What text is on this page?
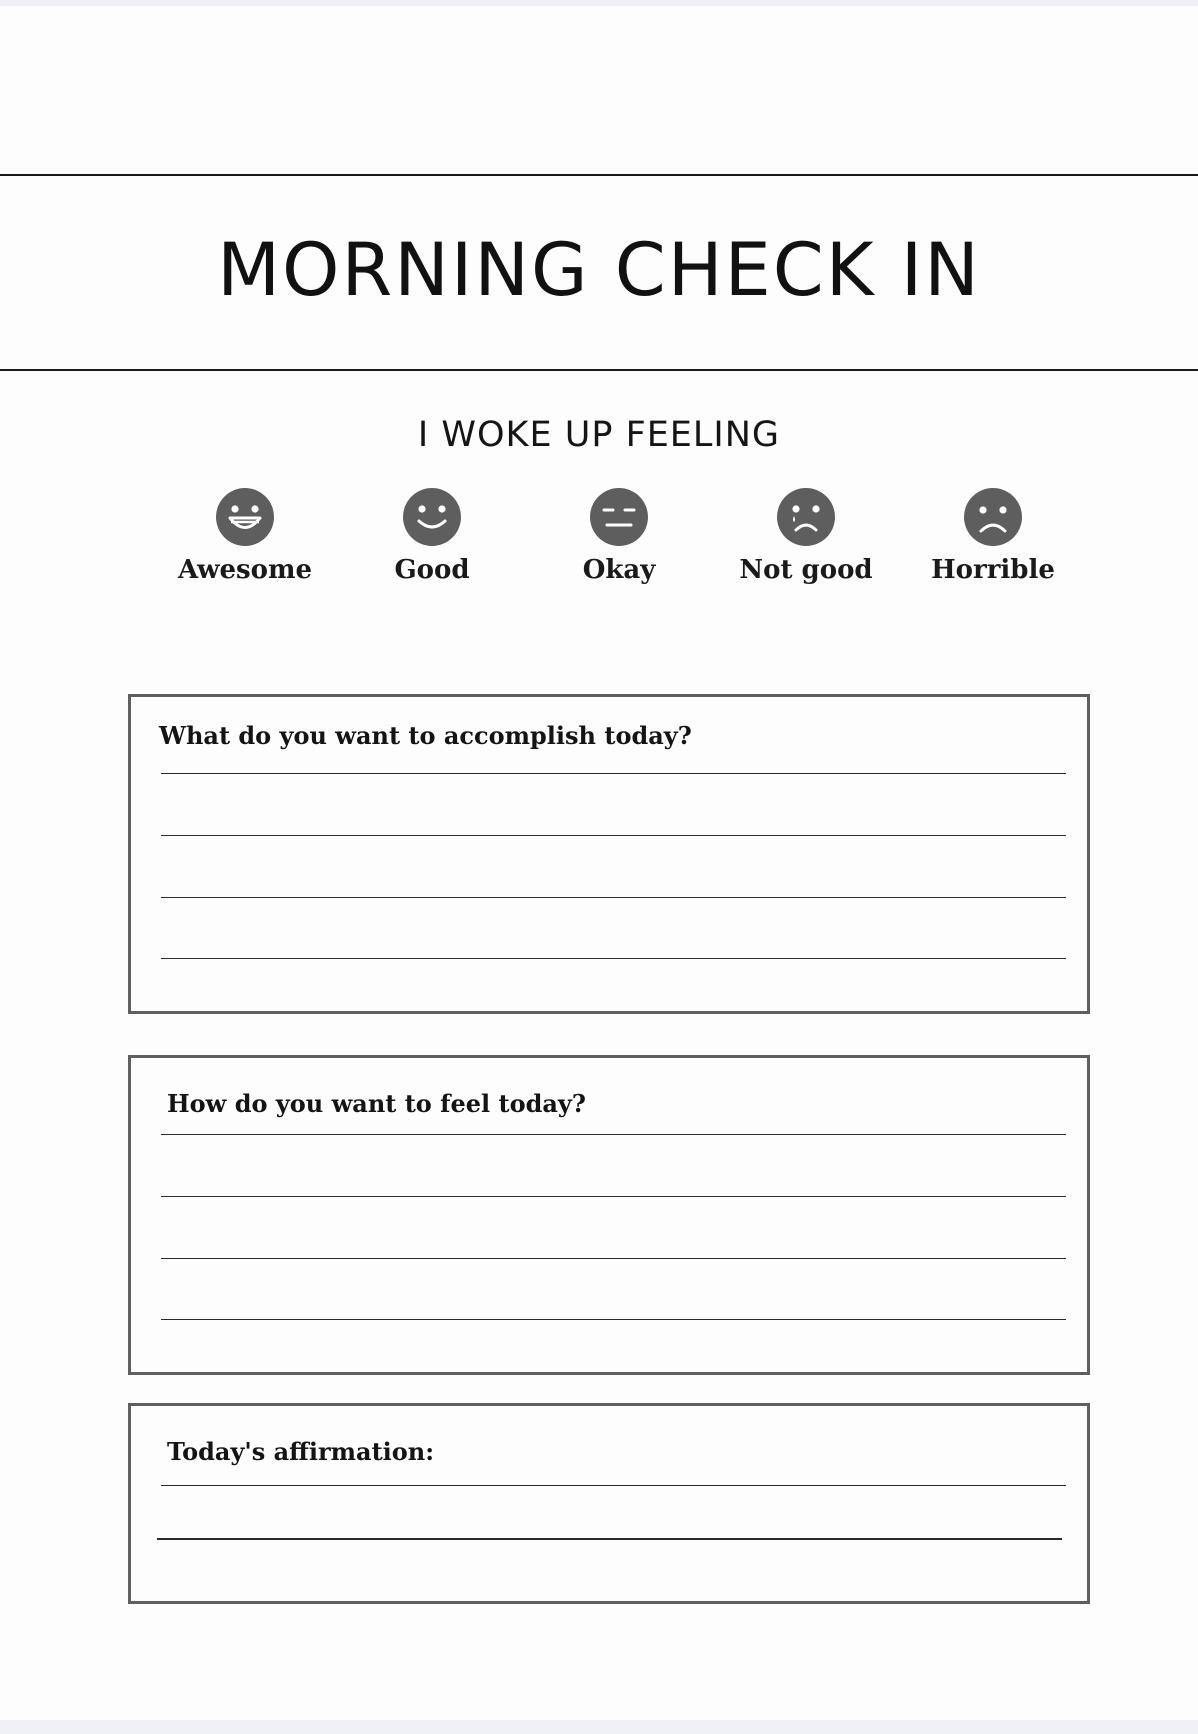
MORNING CHECK IN
I WOKE UP FEELING
Awesome	Good	Okay	Not good	Horrible
What do you want to accomplish today?
How do you want to feel today?
Today's affirmation:
